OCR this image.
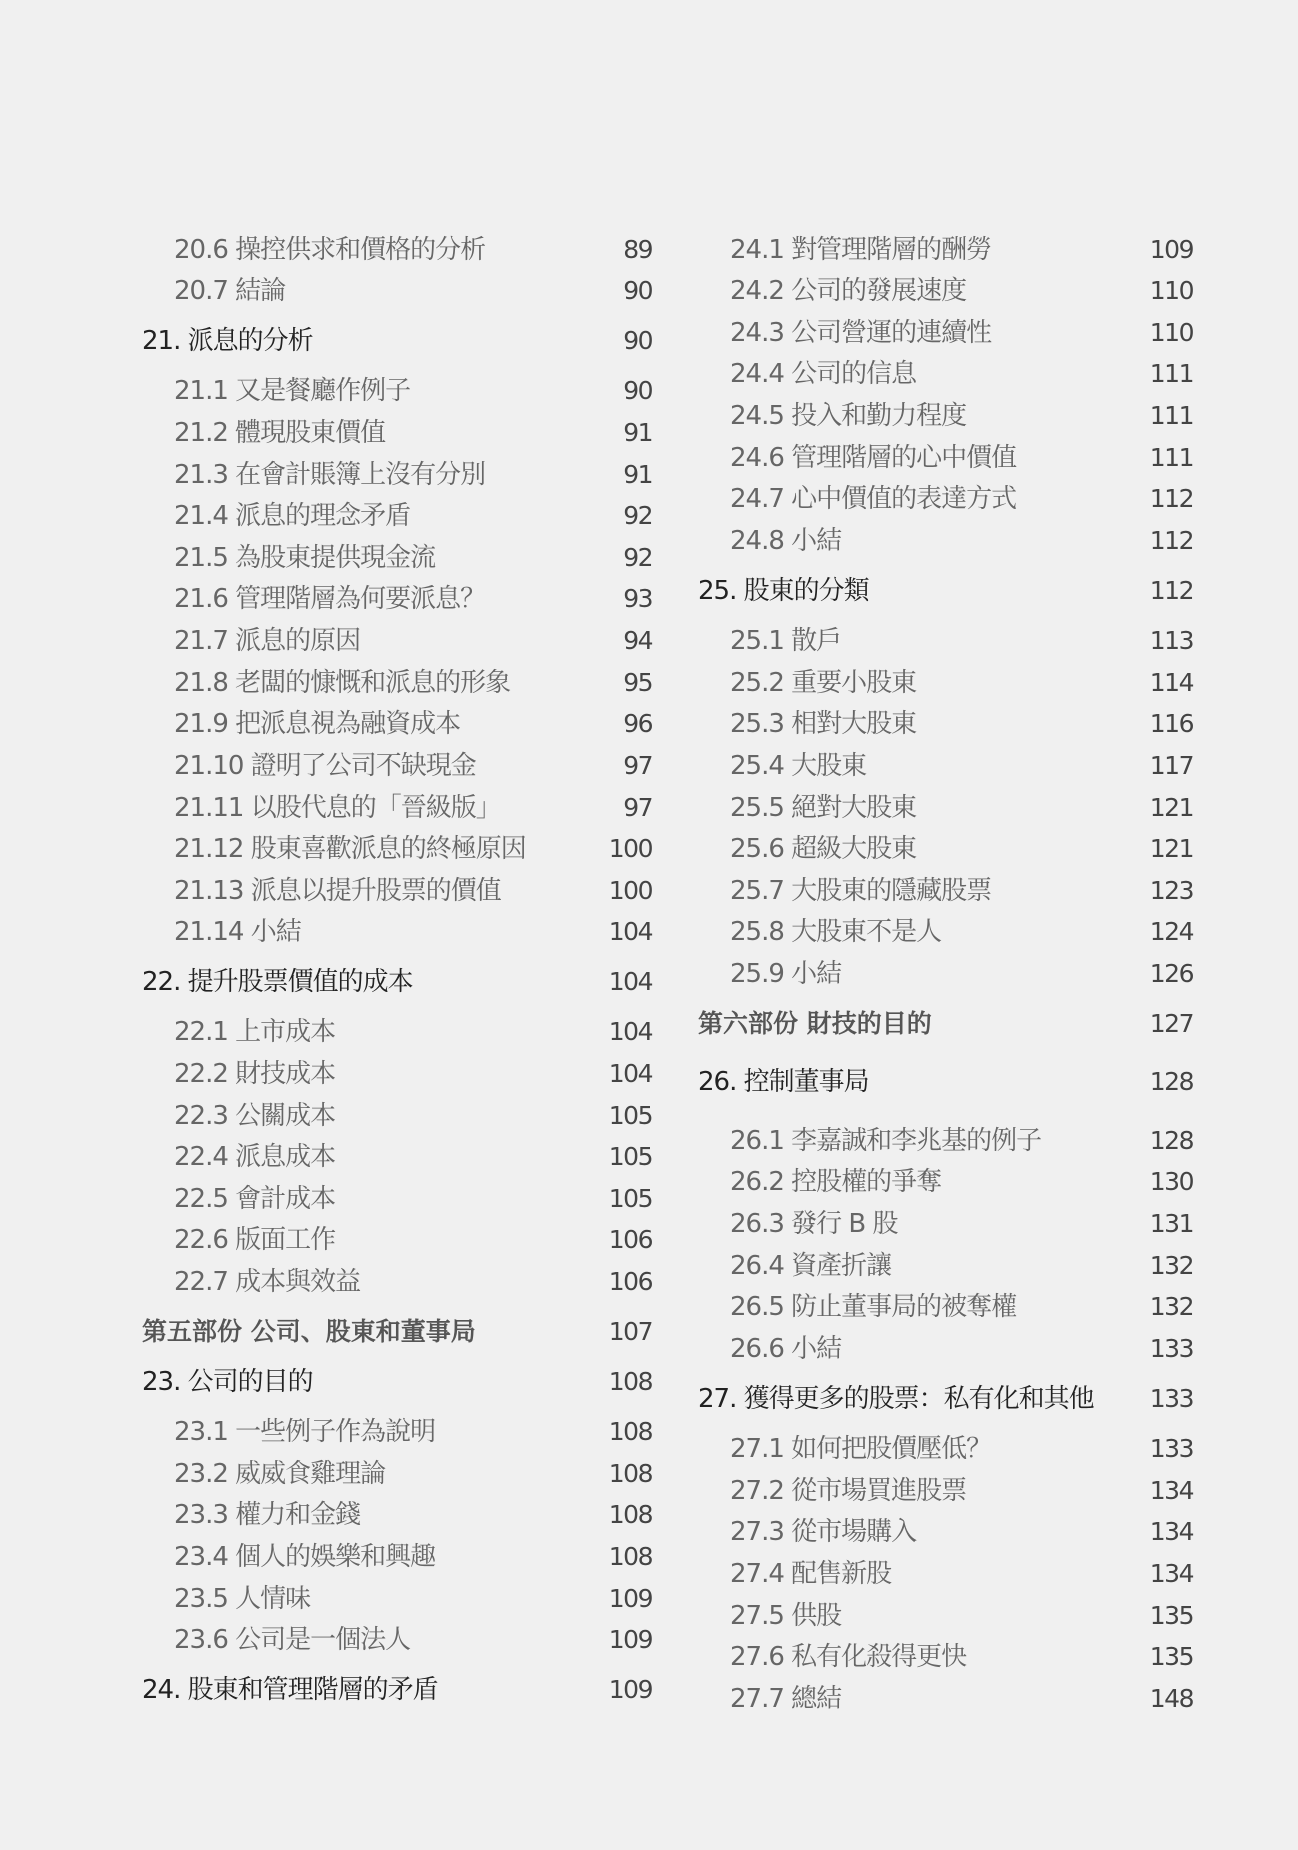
20.6 操控供求和價格的分析	89
20.7 結論	90
21. 派息的分析	90
21.1 又是餐廳作例子	90
21.2 體現股東價值	91
21.3 在會計賬簿上沒有分別	91
21.4 派息的理念矛盾	92
21.5 為股東提供現金流	92
21.6 管理階層為何要派息？	93
21.7 派息的原因	94
21.8 老闆的慷慨和派息的形象	95
21.9 把派息視為融資成本	96
21.10 證明了公司不缺現金	97
21.11 以股代息的「晉級版」	97
21.12 股東喜歡派息的終極原因	100
21.13 派息以提升股票的價值	100
21.14 小結	104
22. 提升股票價值的成本	104
22.1 上市成本	104
22.2 財技成本	104
22.3 公關成本	105
22.4 派息成本	105
22.5 會計成本	105
22.6 版面工作	106
22.7 成本與效益	106
第五部份 公司、股東和董事局	107
23. 公司的目的	108
23.1 一些例子作為說明	108
23.2 威威食雞理論	108
23.3 權力和金錢	108
23.4 個人的娛樂和興趣	108
23.5 人情味	109
23.6 公司是一個法人	109
24. 股東和管理階層的矛盾	109
24.1 對管理階層的酬勞	109
24.2 公司的發展速度	110
24.3 公司營運的連續性	110
24.4 公司的信息	111
24.5 投入和勤力程度	111
24.6 管理階層的心中價值	111
24.7 心中價值的表達方式	112
24.8 小結	112
25. 股東的分類	112
25.1 散戶	113
25.2 重要小股東	114
25.3 相對大股東	116
25.4 大股東	117
25.5 絕對大股東	121
25.6 超級大股東	121
25.7 大股東的隱藏股票	123
25.8 大股東不是人	124
25.9 小結	126
第六部份 財技的目的	127
26. 控制董事局	128
26.1 李嘉誠和李兆基的例子	128
26.2 控股權的爭奪	130
26.3 發行 B 股	131
26.4 資產折讓	132
26.5 防止董事局的被奪權	132
26.6 小結	133
27. 獲得更多的股票：私有化和其他 133
27.1 如何把股價壓低？	133
27.2 從市場買進股票	134
27.3 從市場購入	134
27.4 配售新股	134
27.5 供股	135
27.6 私有化殺得更快	135
27.7 總結	148
